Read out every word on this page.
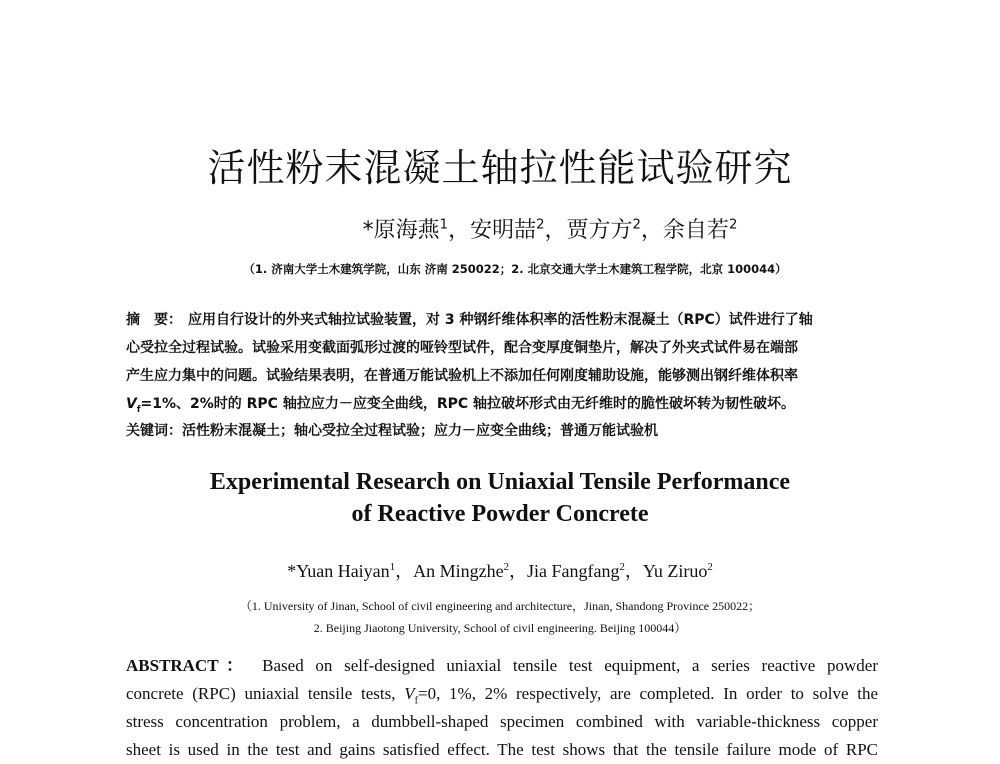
活性粉末混凝土轴拉性能试验研究
*原海燕$^1$，安明喆$^2$，贾方方$^2$，余自若$^2$
（1. 济南大学土木建筑学院，山东 济南 250022；2. 北京交通大学土木建筑工程学院，北京 100044）
摘　要： 应用自行设计的外夹式轴拉试验装置，对 3 种钢纤维体积率的活性粉末混凝土（RPC）试件进行了轴
心受拉全过程试验。试验采用变截面弧形过渡的哑铃型试件，配合变厚度铜垫片，解决了外夹式试件易在端部
产生应力集中的问题。试验结果表明，在普通万能试验机上不添加任何刚度辅助设施，能够测出钢纤维体积率
$V_f=1\%$、2%时的 RPC 轴拉应力－应变全曲线，RPC 轴拉破坏形式由无纤维时的脆性破坏转为韧性破坏。
关键词：活性粉末混凝土；轴心受拉全过程试验；应力－应变全曲线；普通万能试验机
Experimental Research on Uniaxial Tensile Performance
of Reactive Powder Concrete
*Yuan Haiyan$^1$，An Mingzhe$^2$，Jia Fangfang$^2$，Yu Ziruo$^2$
（1. University of Jinan, School of civil engineering and architecture，Jinan, Shandong Province 250022；
2. Beijing Jiaotong University, School of civil engineering. Beijing 100044）
ABSTRACT： Based on self-designed uniaxial tensile test equipment, a series reactive powder
concrete (RPC) uniaxial tensile tests, $V_f=0$, 1%, 2% respectively, are completed. In order to solve the
stress concentration problem, a dumbbell-shaped specimen combined with variable-thickness copper
sheet is used in the test and gains satisfied effect. The test shows that the tensile failure mode of RPC
